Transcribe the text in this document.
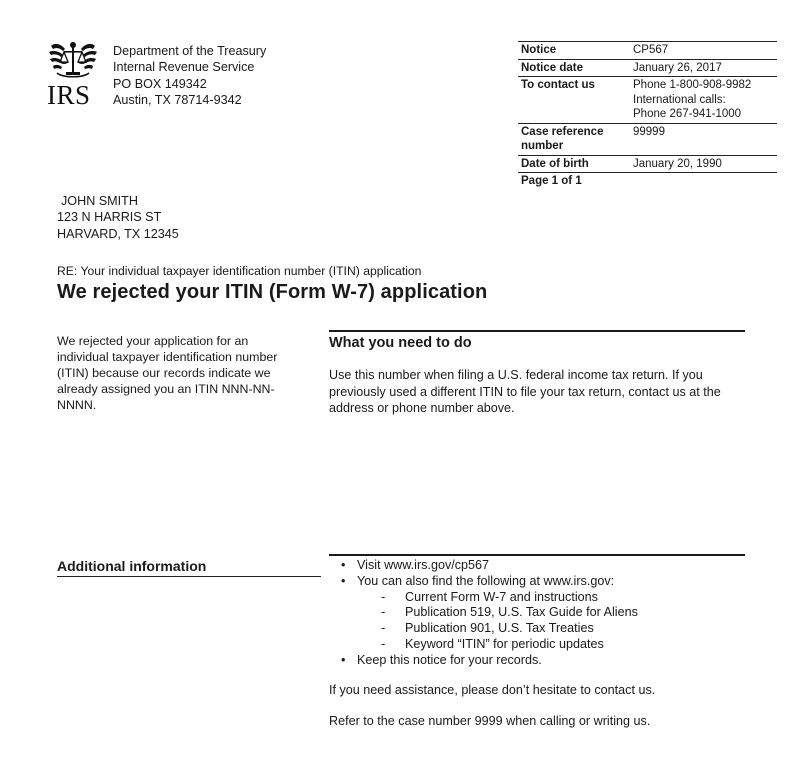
IRS
Department of the Treasury
Internal Revenue Service
PO BOX 149342
Austin, TX 78714-9342
Notice	CP567
Notice date	January 26, 2017
To contact us	Phone 1-800-908-9982
International calls:
Phone 267-941-1000

Case reference number	99999
Date of birth	January 20, 1990
Page 1 of 1	
JOHN SMITH
123 N HARRIS ST
HARVARD, TX 12345
RE: Your individual taxpayer identification number (ITIN) application
We rejected your ITIN (Form W-7) application
We rejected your application for an individual taxpayer identification number (ITIN) because our records indicate we already assigned you an ITIN NNN-NN-NNNN.
What you need to do
Use this number when filing a U.S. federal income tax return. If you previously used a different ITIN to file your tax return, contact us at the address or phone number above.
Additional information	• Visit www.irs.gov/cp567
• You can also find the following at www.irs.gov:
- Current Form W-7 and instructions
- Publication 519, U.S. Tax Guide for Aliens
- Publication 901, U.S. Tax Treaties
- Keyword “ITIN” for periodic updates
• Keep this notice for your records.
If you need assistance, please don’t hesitate to contact us.
Refer to the case number 9999 when calling or writing us.
